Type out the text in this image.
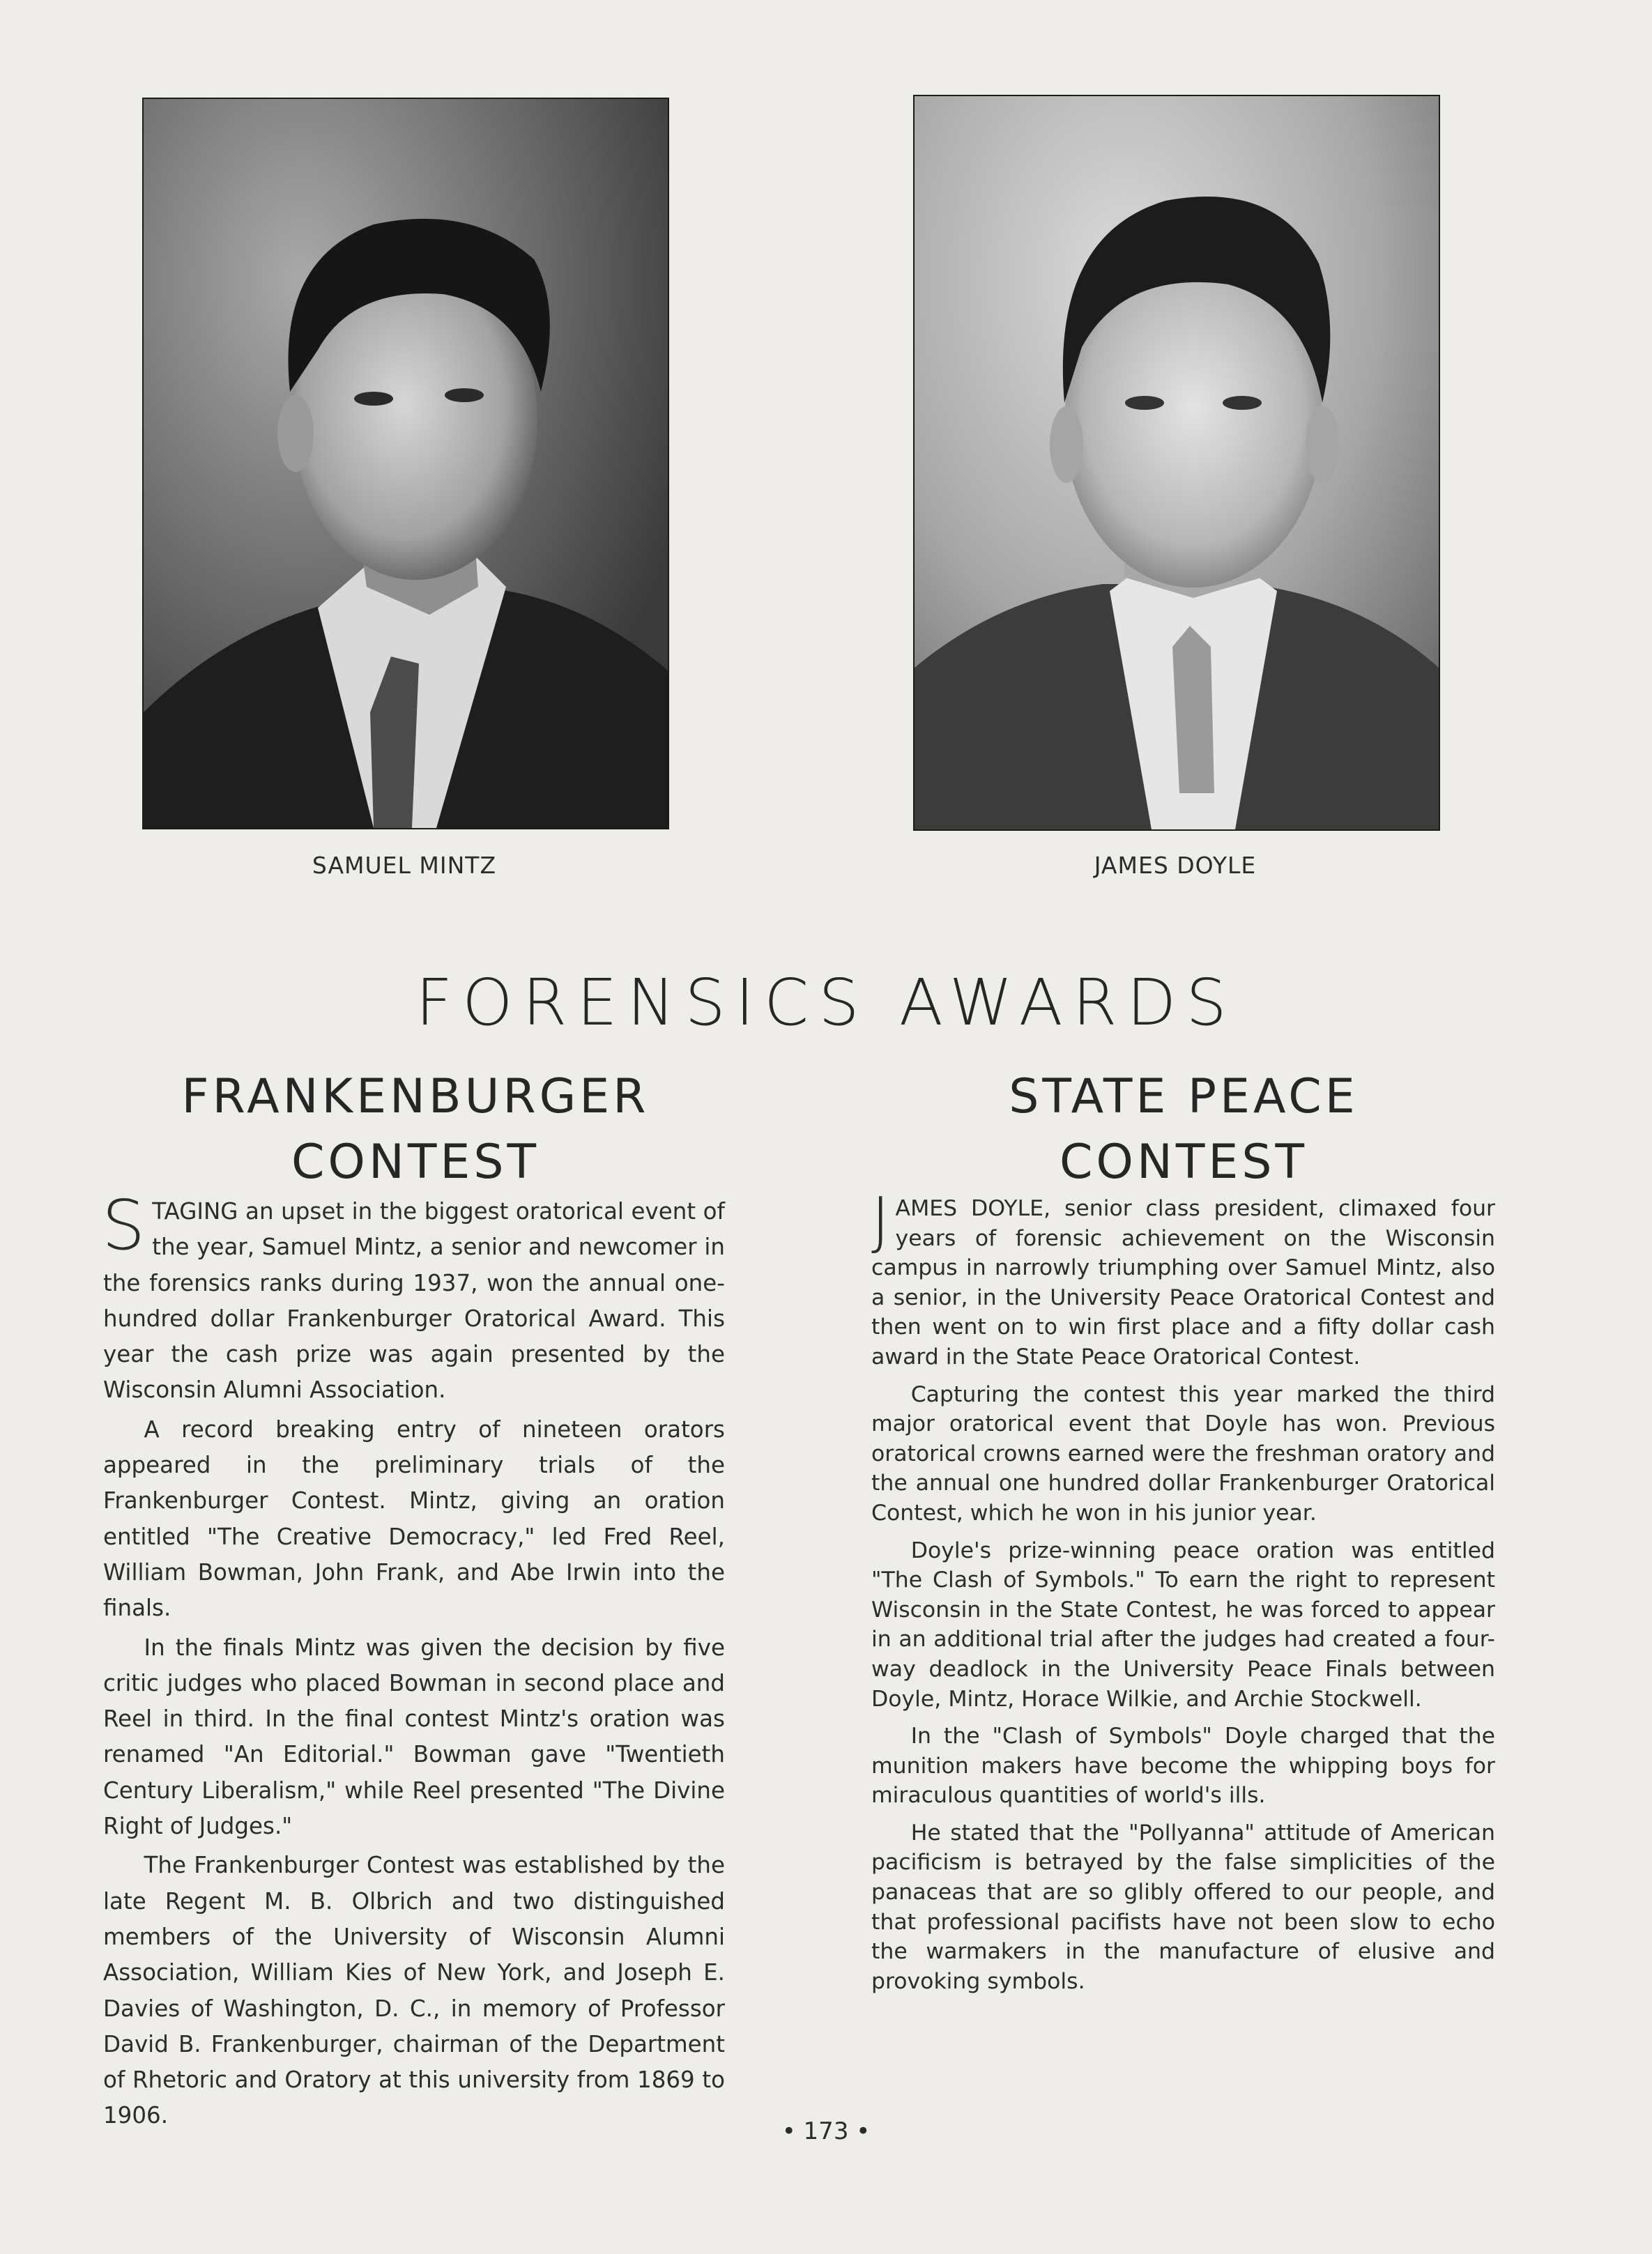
SAMUEL MINTZ	JAMES DOYLE
FORENSICS AWARDS
FRANKENBURGER
CONTEST
STATE PEACE
CONTEST

STAGING an upset in the biggest oratorical event of the year, Samuel Mintz, a senior and newcomer in the forensics ranks during 1937, won the annual one-hundred dollar Frankenburger Oratorical Award. This year the cash prize was again presented by the Wisconsin Alumni Association.

A record breaking entry of nineteen orators appeared in the preliminary trials of the Frankenburger Contest. Mintz, giving an oration entitled "The Creative Democracy," led Fred Reel, William Bowman, John Frank, and Abe Irwin into the finals.

In the finals Mintz was given the decision by five critic judges who placed Bowman in second place and Reel in third. In the final contest Mintz's oration was renamed "An Editorial." Bowman gave "Twentieth Century Liberalism," while Reel presented "The Divine Right of Judges."

The Frankenburger Contest was established by the late Regent M. B. Olbrich and two distinguished members of the University of Wisconsin Alumni Association, William Kies of New York, and Joseph E. Davies of Washington, D. C., in memory of Professor David B. Frankenburger, chairman of the Department of Rhetoric and Oratory at this university from 1869 to 1906.

JAMES DOYLE, senior class president, climaxed four years of forensic achievement on the Wisconsin campus in narrowly triumphing over Samuel Mintz, also a senior, in the University Peace Oratorical Contest and then went on to win first place and a fifty dollar cash award in the State Peace Oratorical Contest.

Capturing the contest this year marked the third major oratorical event that Doyle has won. Previous oratorical crowns earned were the freshman oratory and the annual one hundred dollar Frankenburger Oratorical Contest, which he won in his junior year.

Doyle's prize-winning peace oration was entitled "The Clash of Symbols." To earn the right to represent Wisconsin in the State Contest, he was forced to appear in an additional trial after the judges had created a four-way deadlock in the University Peace Finals between Doyle, Mintz, Horace Wilkie, and Archie Stockwell.

In the "Clash of Symbols" Doyle charged that the munition makers have become the whipping boys for miraculous quantities of world's ills.

He stated that the "Pollyanna" attitude of American pacificism is betrayed by the false simplicities of the panaceas that are so glibly offered to our people, and that professional pacifists have not been slow to echo the warmakers in the manufacture of elusive and provoking symbols.

• 173 •
